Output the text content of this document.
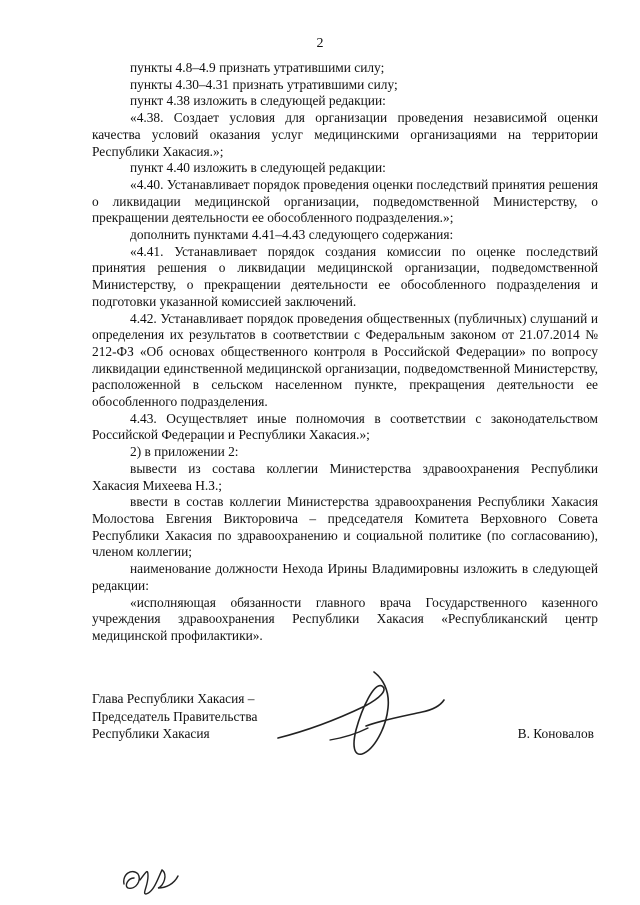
2

пункты 4.8–4.9 признать утратившими силу;

пункты 4.30–4.31 признать утратившими силу;

пункт 4.38 изложить в следующей редакции:

«4.38. Создает условия для организации проведения независимой оценки качества условий оказания услуг медицинскими организациями на территории Республики Хакасия.»;

пункт 4.40 изложить в следующей редакции:

«4.40. Устанавливает порядок проведения оценки последствий принятия решения о ликвидации медицинской организации, подведомственной Министерству, о прекращении деятельности ее обособленного подразделения.»;

дополнить пунктами 4.41–4.43 следующего содержания:

«4.41. Устанавливает порядок создания комиссии по оценке последствий принятия решения о ликвидации медицинской организации, подведомственной Министерству, о прекращении деятельности ее обособленного подразделения и подготовки указанной комиссией заключений.

4.42. Устанавливает порядок проведения общественных (публичных) слушаний и определения их результатов в соответствии с Федеральным законом от 21.07.2014 № 212-ФЗ «Об основах общественного контроля в Российской Федерации» по вопросу ликвидации единственной медицинской организации, подведомственной Министерству, расположенной в сельском населенном пункте, прекращения деятельности ее обособленного подразделения.

4.43. Осуществляет иные полномочия в соответствии с законодательством Российской Федерации и Республики Хакасия.»;

2) в приложении 2:

вывести из состава коллегии Министерства здравоохранения Республики Хакасия Михеева Н.З.;

ввести в состав коллегии Министерства здравоохранения Республики Хакасия Молостова Евгения Викторовича – председателя Комитета Верховного Совета Республики Хакасия по здравоохранению и социальной политике (по согласованию), членом коллегии;

наименование должности Нехода Ирины Владимировны изложить в следующей редакции:

«исполняющая обязанности главного врача Государственного казенного учреждения здравоохранения Республики Хакасия «Республиканский центр медицинской профилактики».

Глава Республики Хакасия –
Председатель Правительства
Республики Хакасия	В. Коновалов
